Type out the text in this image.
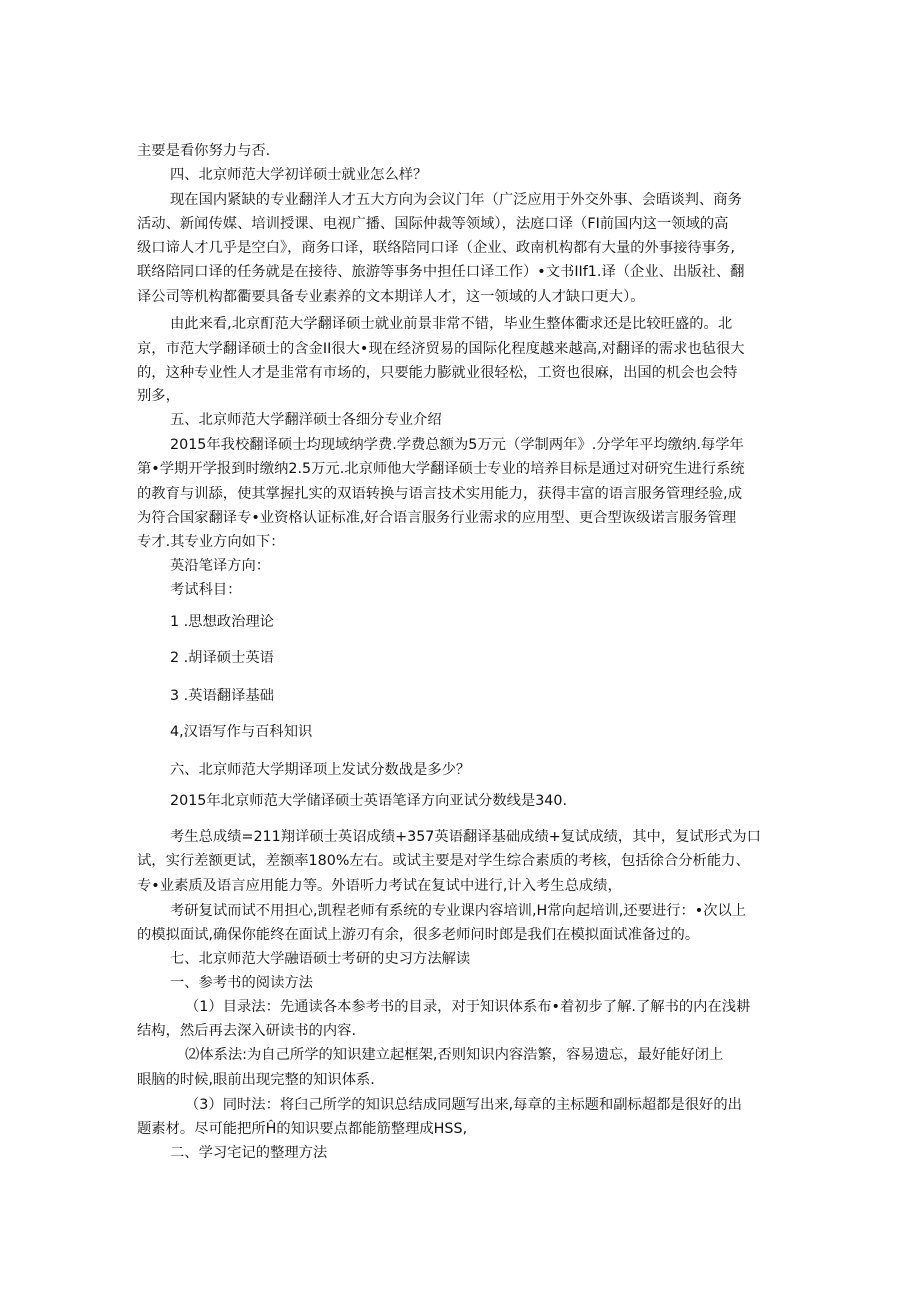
主要是看你努力与否.

四、北京师范大学初详硕士就业怎么样？

现在国内紧缺的专业翻洋人才五大方向为会议门年（广泛应用于外交外事、会晤谈判、商务

活动、新闻传媒、培训授课、电视广播、国际仲裁等领域），法庭口译（FI前国内这一领域的高

级口谛人才几乎是空白》，商务口译，联络陪同口译（企业、政南机构都有大量的外事接待事务,

联络陪同口译的任务就是在接待、旅游等事务中担任口译工作）•文书IIf1.译（企业、出版社、翻

译公司等机构都衢要具备专业素养的文本期详人才，这一领域的人才缺口更大）。

由此来看,北京酊范大学翻译硕士就业前景非常不错，毕业生整体衢求还是比较旺盛的。北

京，市范大学翻译硕士的含金II很大•现在经济贸易的国际化程度越来越高,对翻译的需求也毡很大

的，这种专业性人才是韭常有市场的，只要能力膨就业很轻松，工资也很麻，出国的机会也会特

别多，

五、北京师范大学翻洋硕士各细分专业介绍

2015年我校翻译硕士均现域纳学费.学费总额为5万元（学制两年》.分学年平均缴纳.每学年

第•学期开学报到时缴纳2.5万元.北京师他大学翻译硕士专业的培养目标是通过对研究生进行系统

的教育与训舔，使其掌握扎实的双语转换与语言技术实用能力，获得丰富的语言服务管理经验,成

为符合国家翻译专•业资格认证标准,好合语言服务行业需求的应用型、更合型诙级诺言服务管理

专才.其专业方向如下：

英沿笔译方向：

考试科目：

1 .思想政治理论

2 .胡译硕士英语

3 .英语翻译基础

4,汉语写作与百科知识

六、北京师范大学期译项上发试分数战是多少？

2015年北京师范大学储译硕士英语笔译方向亚试分数线是340.

考生总成绩=211翔详硕士英诏成绩+357英语翻译基础成绩+复试成绩，其中，复试形式为口

试，实行差额更试，差额率180%左右。或试主要是对学生综合素质的考核，包括徐合分析能力、

专•业素质及语言应用能力等。外语听力考试在复试中进行,计入考生总成绩，

考研复试而试不用担心,凯程老师有系统的专业课内容培训,H常向起培训,还要进行：•次以上

的模拟面试,确保你能终在面试上游刃有余，很多老师问时郎是我们在模拟面试准备过的。

七、北京师范大学融语硕士考研的史习方法解读

一、参考书的阅读方法

（1）目录法：先通读各本参考书的目录，对于知识体系布•着初步了解.了解书的内在浅耕

结构，然后再去深入研读书的内容.

⑵体系法:为自己所学的知识建立起框架,否则知识内容浩繁，容易遗忘，最好能好闭上

眼脑的时候,眼前出现完整的知识体系.

（3）同时法：将臼己所学的知识总结成同题写出来,每章的主标题和副标超都是很好的出

题素材。尽可能把所Ĥ的知识要点都能筋整理成HSS,

二、学习宅记的整理方法
